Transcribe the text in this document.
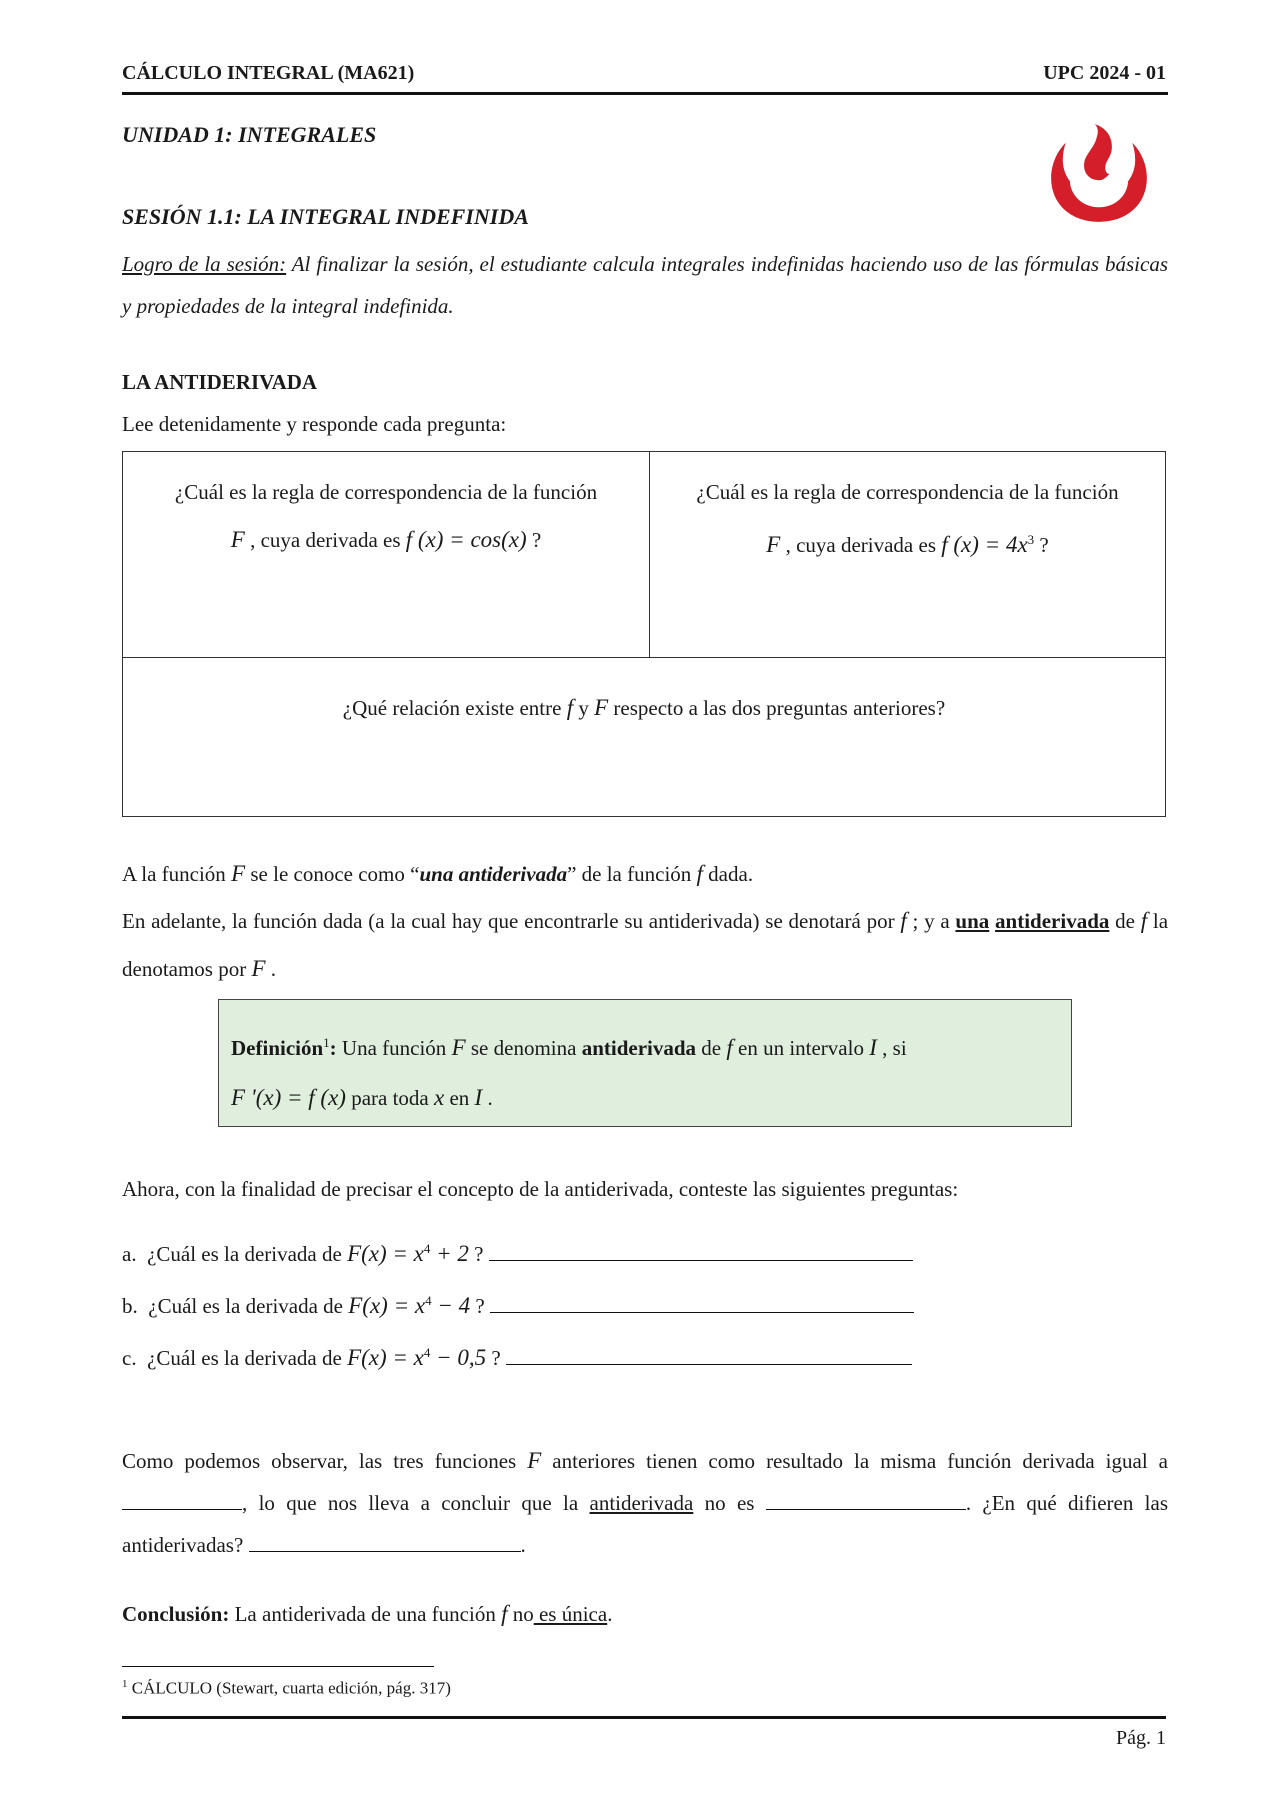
CÁLCULO INTEGRAL (MA621)	UPC 2024 - 01
UNIDAD 1: INTEGRALES
SESIÓN 1.1: LA INTEGRAL INDEFINIDA
Logro de la sesión: Al finalizar la sesión, el estudiante calcula integrales indefinidas haciendo uso de las fórmulas básicas y propiedades de la integral indefinida.
LA ANTIDERIVADA
Lee detenidamente y responde cada pregunta:
¿Cuál es la regla de correspondencia de la función
F , cuya derivada es f (x) = cos(x) ?
¿Cuál es la regla de correspondencia de la función
F , cuya derivada es f $(x) = 4x^3$ ?
¿Qué relación existe entre f y F respecto a las dos preguntas anteriores?
A la función F se le conoce como “una antiderivada” de la función f dada.
En adelante, la función dada (a la cual hay que encontrarle su antiderivada) se denotará por f ; y a una antiderivada de f la denotamos por F .
Definición$^1$: Una función F se denomina antiderivada de f en un intervalo I , si
F '(x) = f (x) para toda x en I .
Ahora, con la finalidad de precisar el concepto de la antiderivada, conteste las siguientes preguntas:
a. ¿Cuál es la derivada de $F(x) = x^4 + 2$ ?
b. ¿Cuál es la derivada de $F(x) = x^4 - 4$ ?
c. ¿Cuál es la derivada de $F(x) = x^4 - 0,5$ ?
Como podemos observar, las tres funciones F anteriores tienen como resultado la misma función derivada igual a , lo que nos lleva a concluir que la antiderivada no es	. ¿En qué difieren las antiderivadas?	.
Conclusión: La antiderivada de una función f no es única.
$^1$ CÁLCULO (Stewart, cuarta edición, pág. 317)
Pág. 1
